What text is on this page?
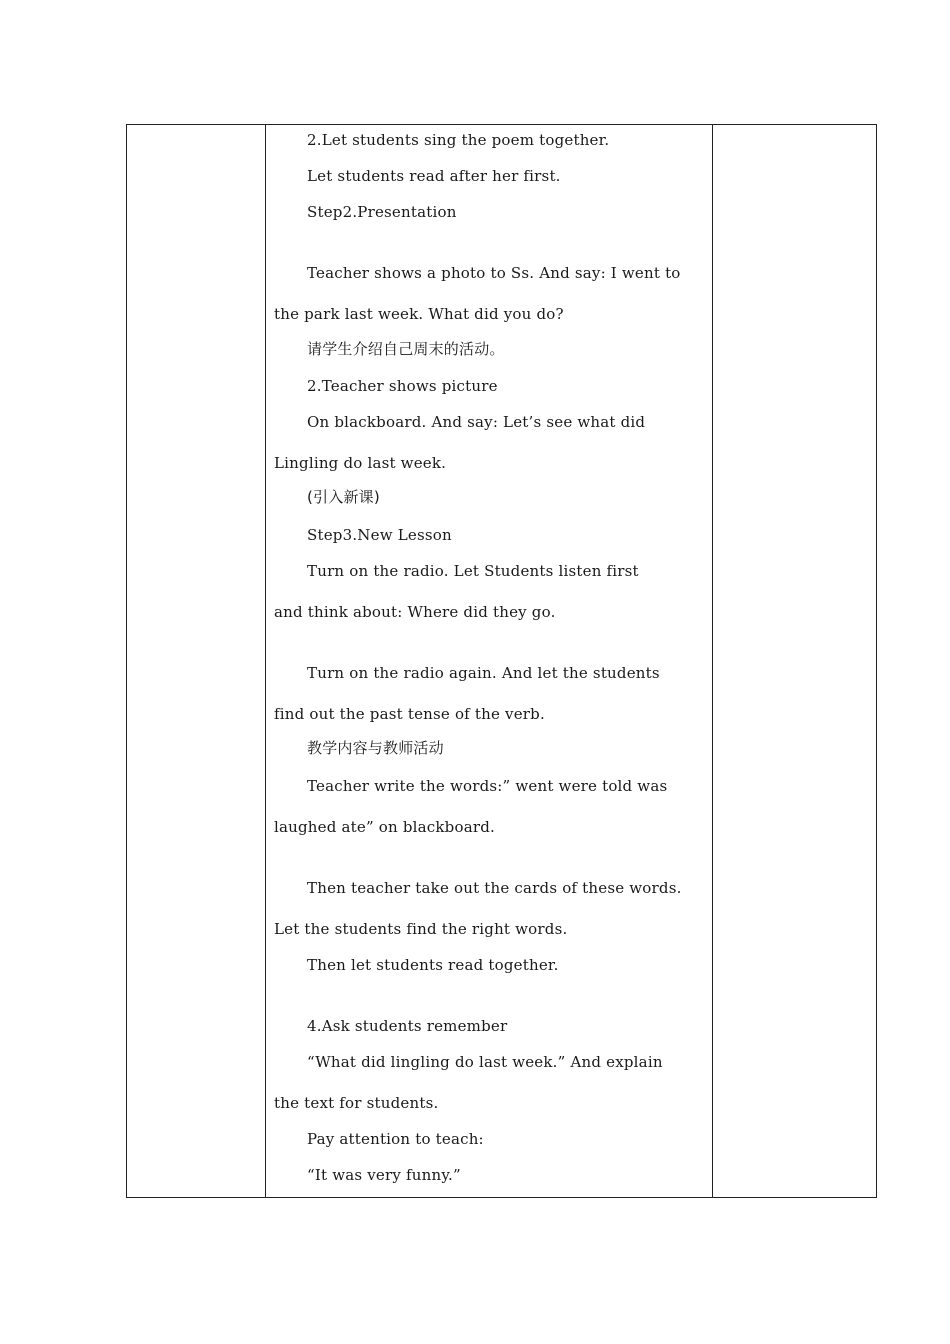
2.Let students sing the poem together.
Let students read after her first.
Step2.Presentation
Teacher shows a photo to Ss. And say: I went to
the park last week. What did you do?
请学生介绍自己周末的活动。
2.Teacher shows picture
On blackboard. And say: Let’s see what did
Lingling do last week.
(引入新课)
Step3.New Lesson
Turn on the radio. Let Students listen first
and think about: Where did they go.
Turn on the radio again. And let the students
find out the past tense of the verb.
教学内容与教师活动
Teacher write the words:” went were told was
laughed ate” on blackboard.
Then teacher take out the cards of these words.
Let the students find the right words.
Then let students read together.
4.Ask students remember
“What did lingling do last week.” And explain
the text for students.
Pay attention to teach:
“It was very funny.”
